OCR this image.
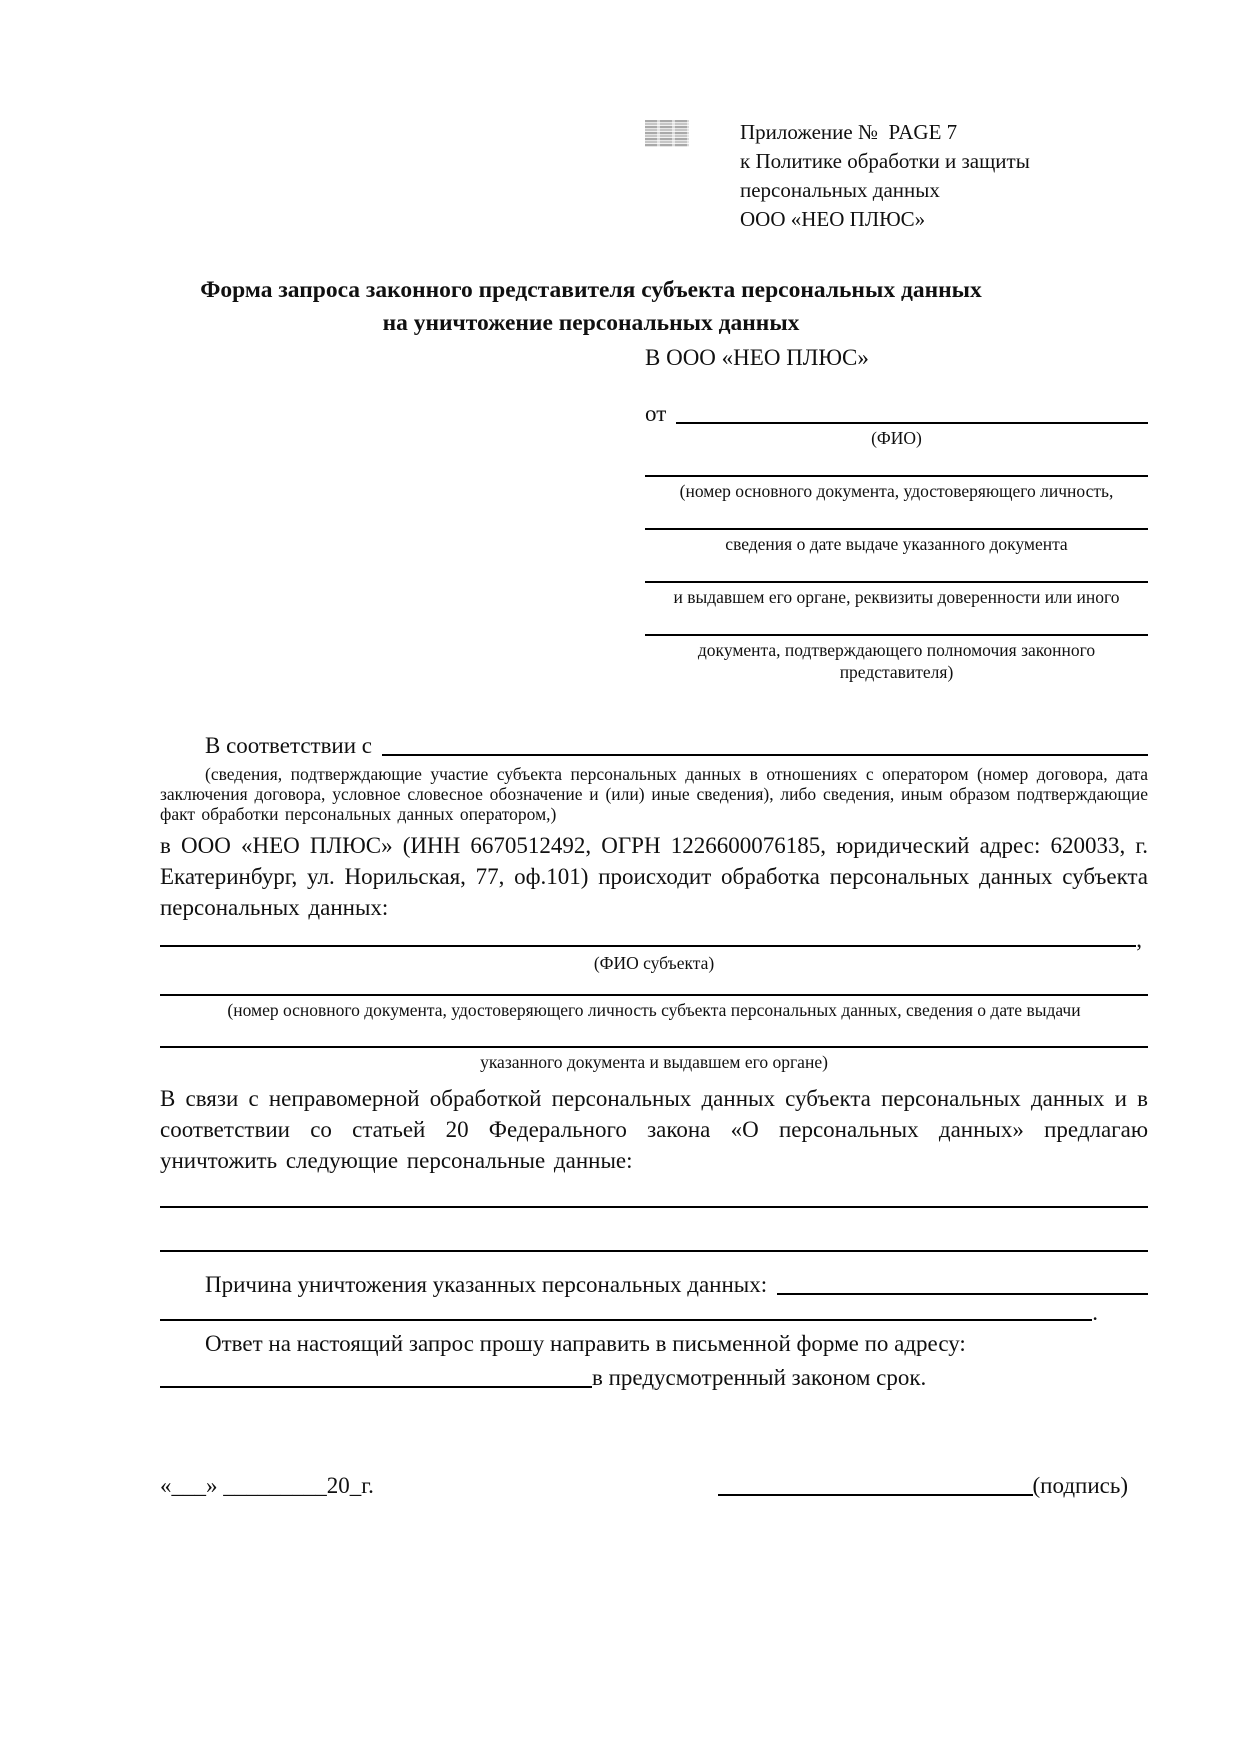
Приложение №  PAGE 7
к Политике обработки и защиты
персональных данных
ООО «НЕО ПЛЮС»
Форма запроса законного представителя субъекта персональных данных
на уничтожение персональных данных
В ООО «НЕО ПЛЮС»
от
(ФИО)
(номер основного документа, удостоверяющего личность,
сведения о дате выдаче указанного документа
и выдавшем его органе, реквизиты доверенности или иного
документа, подтверждающего полномочия законного представителя)
В соответствии с
(сведения, подтверждающие участие субъекта персональных данных в отношениях с оператором (номер договора, дата заключения договора, условное словесное обозначение и (или) иные сведения), либо сведения, иным образом подтверждающие факт обработки персональных данных оператором,)

в ООО «НЕО ПЛЮС» (ИНН 6670512492, ОГРН 1226600076185, юридический адрес: 620033, г. Екатеринбург, ул. Норильская, 77, оф.101) происходит обработка персональных данных субъекта персональных данных:

,
(ФИО субъекта)
(номер основного документа, удостоверяющего личность субъекта персональных данных, сведения о дате выдачи
указанного документа и выдавшем его органе)

В связи с неправомерной обработкой персональных данных субъекта персональных данных и в соответствии со статьей 20 Федерального закона «О персональных данных» предлагаю уничтожить следующие персональные данные:

Причина уничтожения указанных персональных данных:
.
Ответ на настоящий запрос прошу направить в письменной форме по адресу:
в предусмотренный законом срок.
«___» _________20_г.	(подпись)
